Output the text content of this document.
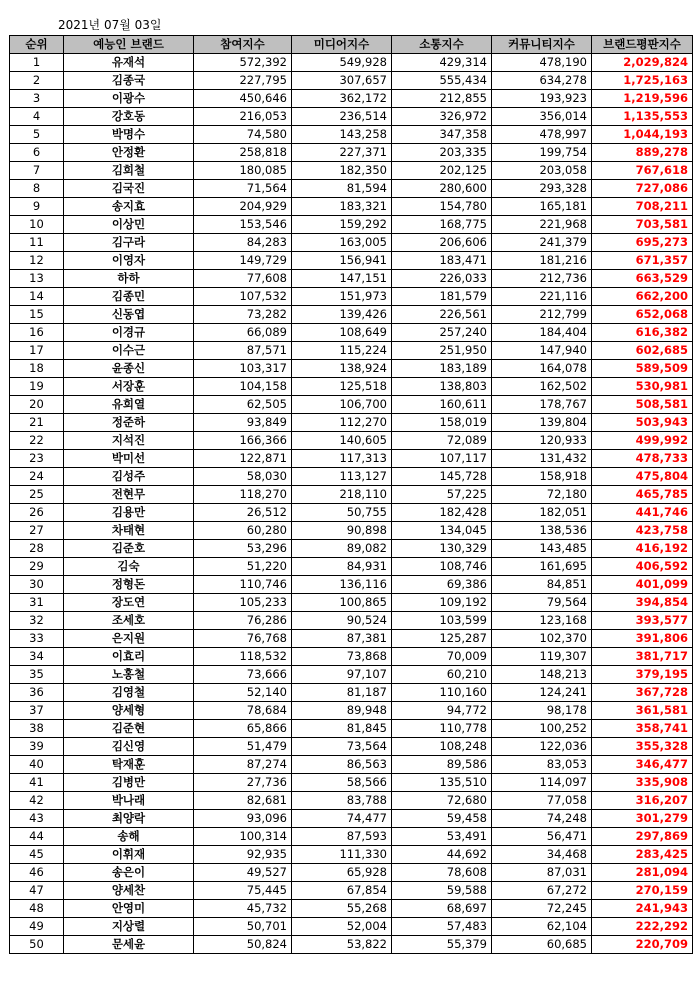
2021년 07월 03일
순위	예능인 브랜드	참여지수	미디어지수	소통지수	커뮤니티지수	브랜드평판지수
1	유재석	572,392	549,928	429,314	478,190	2,029,824
2	김종국	227,795	307,657	555,434	634,278	1,725,163
3	이광수	450,646	362,172	212,855	193,923	1,219,596
4	강호동	216,053	236,514	326,972	356,014	1,135,553
5	박명수	74,580	143,258	347,358	478,997	1,044,193
6	안정환	258,818	227,371	203,335	199,754	889,278
7	김희철	180,085	182,350	202,125	203,058	767,618
8	김국진	71,564	81,594	280,600	293,328	727,086
9	송지효	204,929	183,321	154,780	165,181	708,211
10	이상민	153,546	159,292	168,775	221,968	703,581
11	김구라	84,283	163,005	206,606	241,379	695,273
12	이영자	149,729	156,941	183,471	181,216	671,357
13	하하	77,608	147,151	226,033	212,736	663,529
14	김종민	107,532	151,973	181,579	221,116	662,200
15	신동엽	73,282	139,426	226,561	212,799	652,068
16	이경규	66,089	108,649	257,240	184,404	616,382
17	이수근	87,571	115,224	251,950	147,940	602,685
18	윤종신	103,317	138,924	183,189	164,078	589,509
19	서장훈	104,158	125,518	138,803	162,502	530,981
20	유희열	62,505	106,700	160,611	178,767	508,581
21	정준하	93,849	112,270	158,019	139,804	503,943
22	지석진	166,366	140,605	72,089	120,933	499,992
23	박미선	122,871	117,313	107,117	131,432	478,733
24	김성주	58,030	113,127	145,728	158,918	475,804
25	전현무	118,270	218,110	57,225	72,180	465,785
26	김용만	26,512	50,755	182,428	182,051	441,746
27	차태현	60,280	90,898	134,045	138,536	423,758
28	김준호	53,296	89,082	130,329	143,485	416,192
29	김숙	51,220	84,931	108,746	161,695	406,592
30	정형돈	110,746	136,116	69,386	84,851	401,099
31	장도연	105,233	100,865	109,192	79,564	394,854
32	조세호	76,286	90,524	103,599	123,168	393,577
33	은지원	76,768	87,381	125,287	102,370	391,806
34	이효리	118,532	73,868	70,009	119,307	381,717
35	노홍철	73,666	97,107	60,210	148,213	379,195
36	김영철	52,140	81,187	110,160	124,241	367,728
37	양세형	78,684	89,948	94,772	98,178	361,581
38	김준현	65,866	81,845	110,778	100,252	358,741
39	김신영	51,479	73,564	108,248	122,036	355,328
40	탁재훈	87,274	86,563	89,586	83,053	346,477
41	김병만	27,736	58,566	135,510	114,097	335,908
42	박나래	82,681	83,788	72,680	77,058	316,207
43	최양락	93,096	74,477	59,458	74,248	301,279
44	송해	100,314	87,593	53,491	56,471	297,869
45	이휘재	92,935	111,330	44,692	34,468	283,425
46	송은이	49,527	65,928	78,608	87,031	281,094
47	양세찬	75,445	67,854	59,588	67,272	270,159
48	안영미	45,732	55,268	68,697	72,245	241,943
49	지상렬	50,701	52,004	57,483	62,104	222,292
50	문세윤	50,824	53,822	55,379	60,685	220,709
